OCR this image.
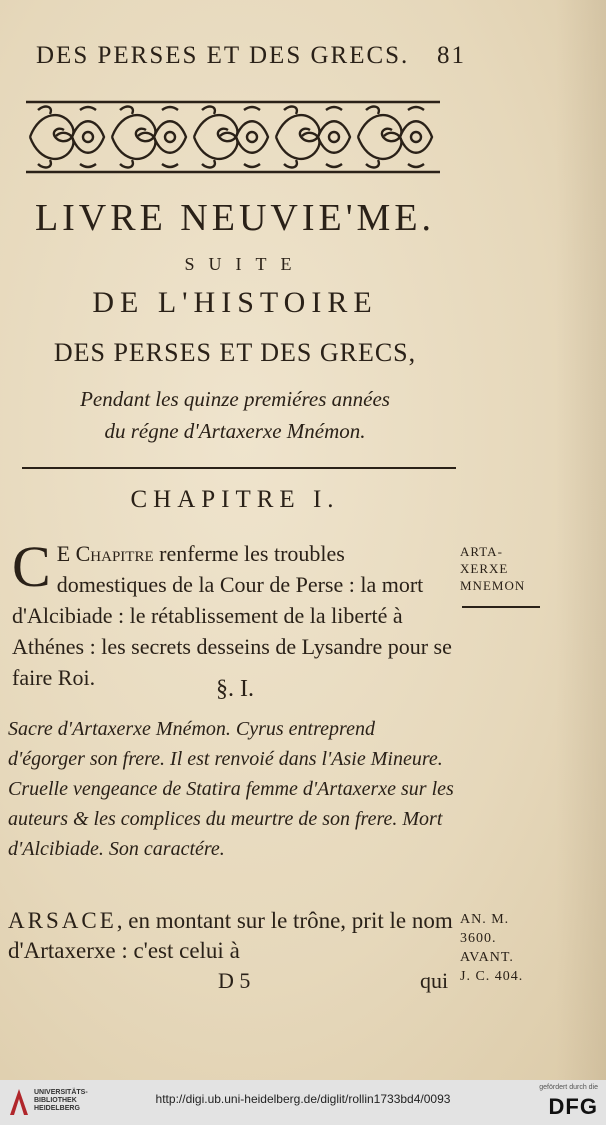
DES PERSES ET DES GRECS. 81
LIVRE NEUVIE'ME.
SUITE
DE L'HISTOIRE
DES PERSES ET DES GRECS,
Pendant les quinze premiéres années
du régne d'Artaxerxe Mnémon.
CHAPITRE I.
C E Chapitre renferme les troubles domestiques de la Cour de Perse : la mort d'Alcibiade : le rétablissement de la liberté à Athénes : les secrets desseins de Lysandre pour se faire Roi.
ARTA-
XERXE
MNEMON
§. I.
Sacre d'Artaxerxe Mnémon. Cyrus entreprend d'égorger son frere. Il est renvoié dans l'Asie Mineure. Cruelle vengeance de Statira femme d'Artaxerxe sur les auteurs & les complices du meurtre de son frere. Mort d'Alcibiade. Son caractére.
ARSACE, en montant sur le trône, prit le nom d'Artaxerxe : c'est celui à
AN. M.
3600.
AVANT.
J. C. 404.
D 5	qui
UNIVERSITÄTS-
BIBLIOTHEK
HEIDELBERG
http://digi.ub.uni-heidelberg.de/diglit/rollin1733bd4/0093
gefördert durch die
DFG
